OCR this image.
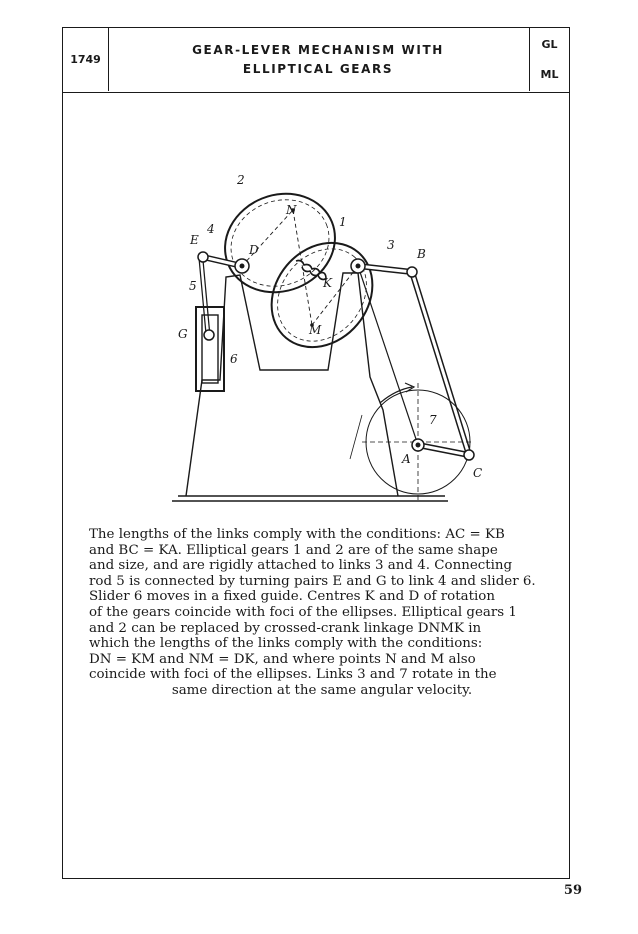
1749
GEAR-LEVER MECHANISM WITH
ELLIPTICAL GEARS
GL
ML
2
N
1
4
E
D	3
B
K
5
M
G
6
7
A
C

The lengths of the links comply with the conditions: AC = KB

and BC = KA. Elliptical gears 1 and 2 are of the same shape

and size, and are rigidly attached to links 3 and 4. Connecting

rod 5 is connected by turning pairs E and G to link 4 and slider 6.

Slider 6 moves in a fixed guide. Centres K and D of rotation

of the gears coincide with foci of the ellipses. Elliptical gears 1

and 2 can be replaced by crossed-crank linkage DNMK in

which the lengths of the links comply with the conditions:

DN = KM and NM = DK, and where points N and M also

coincide with foci of the ellipses. Links 3 and 7 rotate in the

same direction at the same angular velocity.

59
